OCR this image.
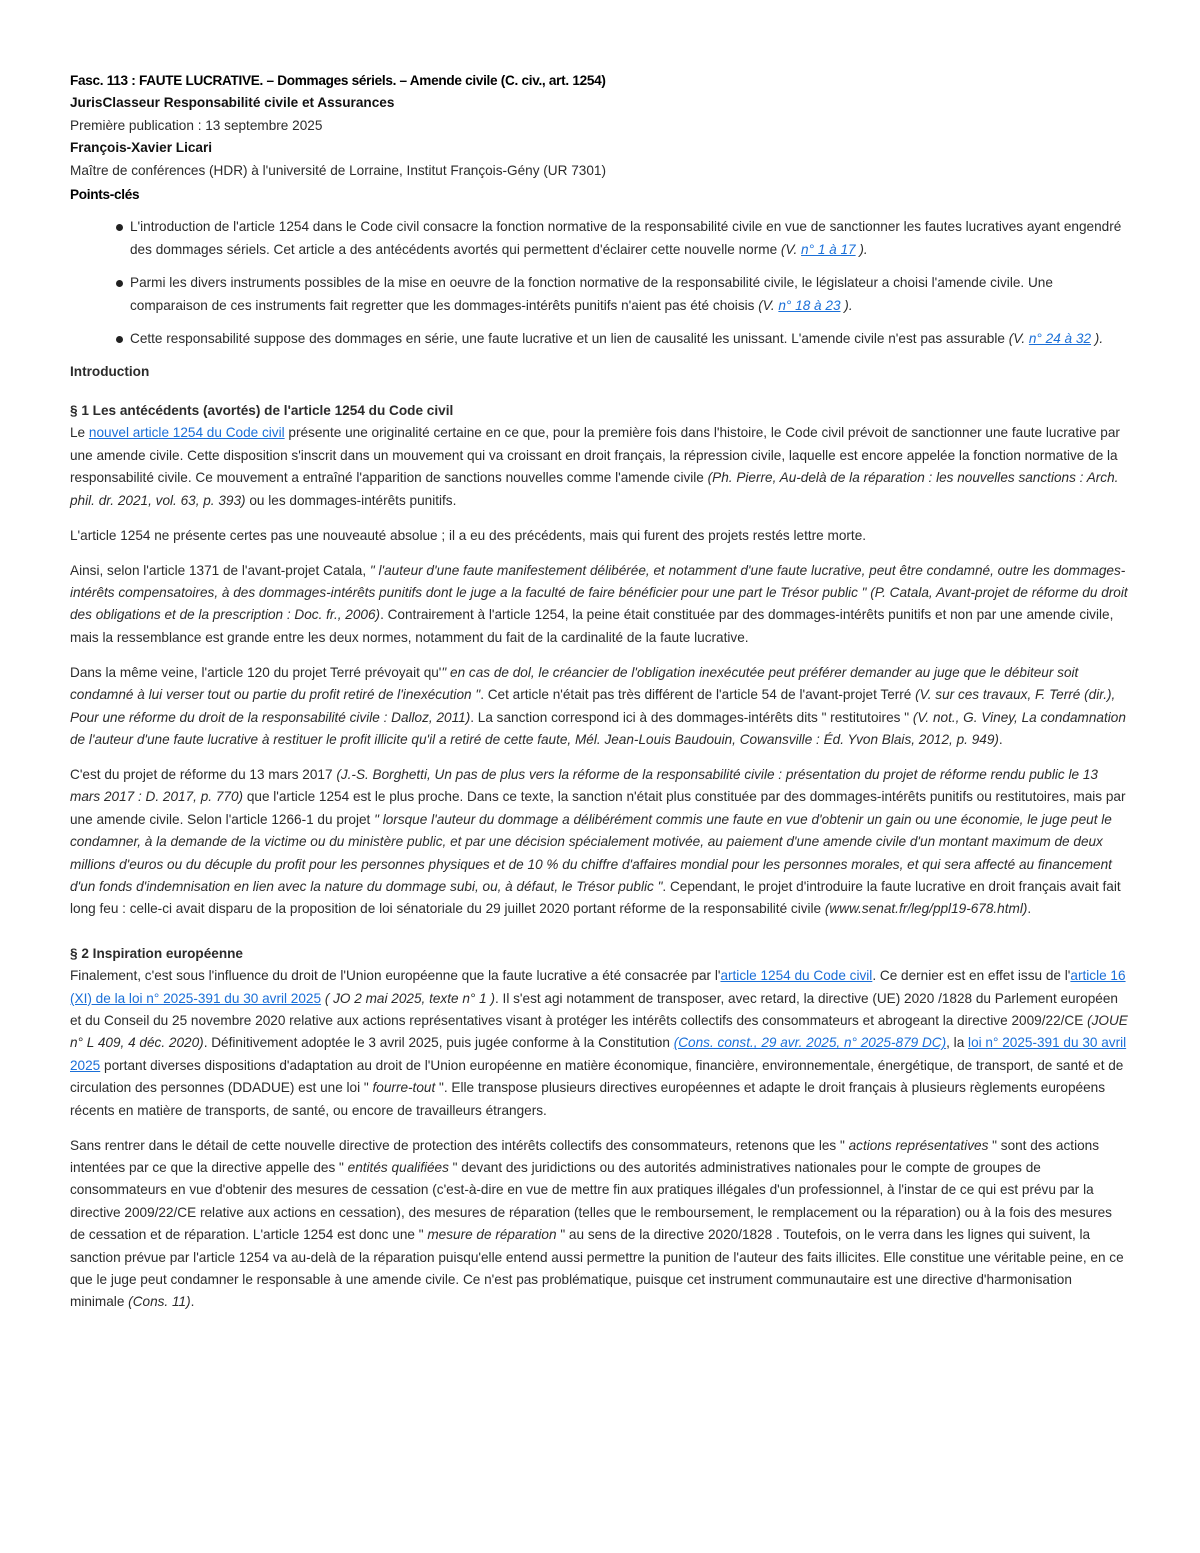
Fasc. 113 : FAUTE LUCRATIVE. – Dommages sériels. – Amende civile (C. civ., art. 1254)
JurisClasseur Responsabilité civile et Assurances
Première publication : 13 septembre 2025
François-Xavier Licari
Maître de conférences (HDR) à l'université de Lorraine, Institut François-Gény (UR 7301)
Points-clés
L'introduction de l'article 1254 dans le Code civil consacre la fonction normative de la responsabilité civile en vue de sanctionner les fautes lucratives ayant engendré des dommages sériels. Cet article a des antécédents avortés qui permettent d'éclairer cette nouvelle norme (V. n° 1 à 17 ).
Parmi les divers instruments possibles de la mise en oeuvre de la fonction normative de la responsabilité civile, le législateur a choisi l'amende civile. Une comparaison de ces instruments fait regretter que les dommages-intérêts punitifs n'aient pas été choisis (V. n° 18 à 23 ).
Cette responsabilité suppose des dommages en série, une faute lucrative et un lien de causalité les unissant. L'amende civile n'est pas assurable (V. n° 24 à 32 ).
Introduction
§ 1 Les antécédents (avortés) de l'article 1254 du Code civil

Le nouvel article 1254 du Code civil présente une originalité certaine en ce que, pour la première fois dans l'histoire, le Code civil prévoit de sanctionner une faute lucrative par une amende civile. Cette disposition s'inscrit dans un mouvement qui va croissant en droit français, la répression civile, laquelle est encore appelée la fonction normative de la responsabilité civile. Ce mouvement a entraîné l'apparition de sanctions nouvelles comme l'amende civile (Ph. Pierre, Au-delà de la réparation : les nouvelles sanctions : Arch. phil. dr. 2021, vol. 63, p. 393) ou les dommages-intérêts punitifs.

L'article 1254 ne présente certes pas une nouveauté absolue ; il a eu des précédents, mais qui furent des projets restés lettre morte.

Ainsi, selon l'article 1371 de l'avant-projet Catala, " l'auteur d'une faute manifestement délibérée, et notamment d'une faute lucrative, peut être condamné, outre les dommages-intérêts compensatoires, à des dommages-intérêts punitifs dont le juge a la faculté de faire bénéficier pour une part le Trésor public " (P. Catala, Avant-projet de réforme du droit des obligations et de la prescription : Doc. fr., 2006). Contrairement à l'article 1254, la peine était constituée par des dommages-intérêts punitifs et non par une amende civile, mais la ressemblance est grande entre les deux normes, notamment du fait de la cardinalité de la faute lucrative.

Dans la même veine, l'article 120 du projet Terré prévoyait qu'" en cas de dol, le créancier de l'obligation inexécutée peut préférer demander au juge que le débiteur soit condamné à lui verser tout ou partie du profit retiré de l'inexécution ". Cet article n'était pas très différent de l'article 54 de l'avant-projet Terré (V. sur ces travaux, F. Terré (dir.), Pour une réforme du droit de la responsabilité civile : Dalloz, 2011). La sanction correspond ici à des dommages-intérêts dits " restitutoires " (V. not., G. Viney, La condamnation de l'auteur d'une faute lucrative à restituer le profit illicite qu'il a retiré de cette faute, Mél. Jean-Louis Baudouin, Cowansville : Éd. Yvon Blais, 2012, p. 949).

C'est du projet de réforme du 13 mars 2017 (J.-S. Borghetti, Un pas de plus vers la réforme de la responsabilité civile : présentation du projet de réforme rendu public le 13 mars 2017 : D. 2017, p. 770) que l'article 1254 est le plus proche. Dans ce texte, la sanction n'était plus constituée par des dommages-intérêts punitifs ou restitutoires, mais par une amende civile. Selon l'article 1266-1 du projet " lorsque l'auteur du dommage a délibérément commis une faute en vue d'obtenir un gain ou une économie, le juge peut le condamner, à la demande de la victime ou du ministère public, et par une décision spécialement motivée, au paiement d'une amende civile d'un montant maximum de deux millions d'euros ou du décuple du profit pour les personnes physiques et de 10 % du chiffre d'affaires mondial pour les personnes morales, et qui sera affecté au financement d'un fonds d'indemnisation en lien avec la nature du dommage subi, ou, à défaut, le Trésor public ". Cependant, le projet d'introduire la faute lucrative en droit français avait fait long feu : celle-ci avait disparu de la proposition de loi sénatoriale du 29 juillet 2020 portant réforme de la responsabilité civile (www.senat.fr/leg/ppl19-678.html).

§ 2 Inspiration européenne

Finalement, c'est sous l'influence du droit de l'Union européenne que la faute lucrative a été consacrée par l'article 1254 du Code civil. Ce dernier est en effet issu de l'article 16 (XI) de la loi n° 2025-391 du 30 avril 2025 ( JO 2 mai 2025, texte n° 1 ). Il s'est agi notamment de transposer, avec retard, la directive (UE) 2020 /1828 du Parlement européen et du Conseil du 25 novembre 2020 relative aux actions représentatives visant à protéger les intérêts collectifs des consommateurs et abrogeant la directive 2009/22/CE (JOUE n° L 409, 4 déc. 2020). Définitivement adoptée le 3 avril 2025, puis jugée conforme à la Constitution (Cons. const., 29 avr. 2025, n° 2025-879 DC), la loi n° 2025-391 du 30 avril 2025 portant diverses dispositions d'adaptation au droit de l'Union européenne en matière économique, financière, environnementale, énergétique, de transport, de santé et de circulation des personnes (DDADUE) est une loi " fourre-tout ". Elle transpose plusieurs directives européennes et adapte le droit français à plusieurs règlements européens récents en matière de transports, de santé, ou encore de travailleurs étrangers.

Sans rentrer dans le détail de cette nouvelle directive de protection des intérêts collectifs des consommateurs, retenons que les " actions représentatives " sont des actions intentées par ce que la directive appelle des " entités qualifiées " devant des juridictions ou des autorités administratives nationales pour le compte de groupes de consommateurs en vue d'obtenir des mesures de cessation (c'est-à-dire en vue de mettre fin aux pratiques illégales d'un professionnel, à l'instar de ce qui est prévu par la directive 2009/22/CE relative aux actions en cessation), des mesures de réparation (telles que le remboursement, le remplacement ou la réparation) ou à la fois des mesures de cessation et de réparation. L'article 1254 est donc une " mesure de réparation " au sens de la directive 2020/1828 . Toutefois, on le verra dans les lignes qui suivent, la sanction prévue par l'article 1254 va au-delà de la réparation puisqu'elle entend aussi permettre la punition de l'auteur des faits illicites. Elle constitue une véritable peine, en ce que le juge peut condamner le responsable à une amende civile. Ce n'est pas problématique, puisque cet instrument communautaire est une directive d'harmonisation minimale (Cons. 11).
